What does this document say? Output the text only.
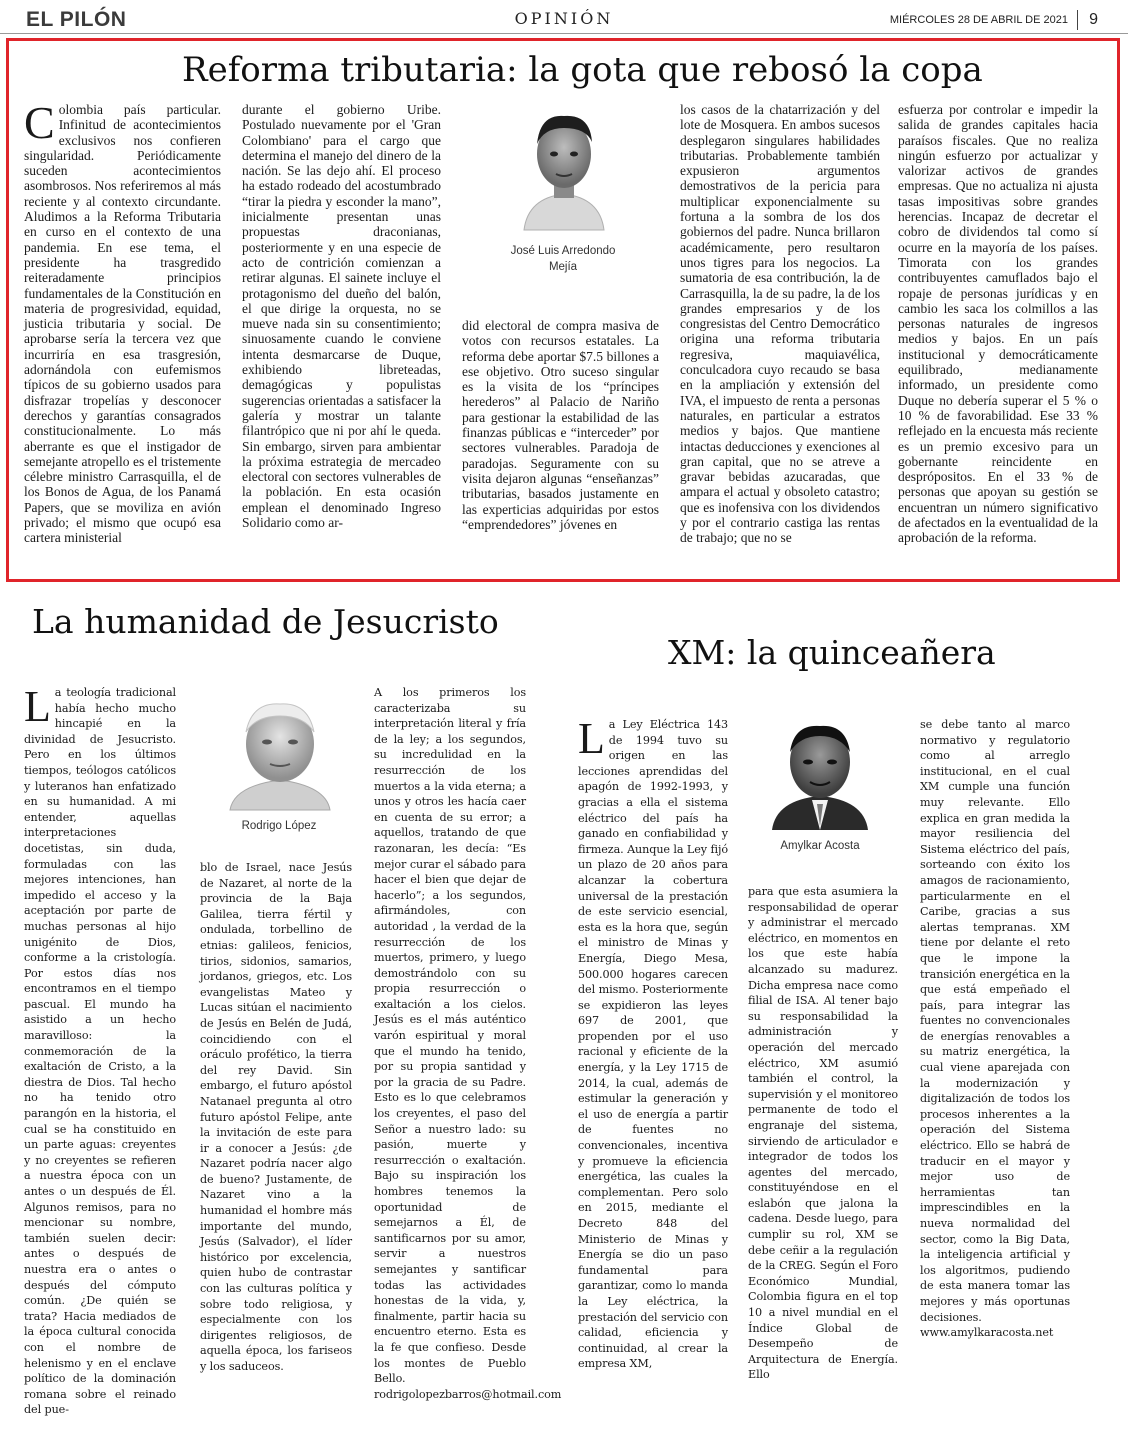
EL PILÓN	OPINIÓN	MIÉRCOLES 28 DE ABRIL DE 2021 9
Reforma tributaria: la gota que rebosó la copa
Colombia país particular. Infinitud de acontecimientos exclusivos nos confieren singularidad. Periódicamente suceden acontecimientos asombrosos. Nos referiremos al más reciente y al contexto circundante. Aludimos a la Reforma Tributaria en curso en el contexto de una pandemia. En ese tema, el presidente ha trasgredido reiteradamente principios fundamentales de la Constitución en materia de progresividad, equidad, justicia tributaria y social. De aprobarse sería la tercera vez que incurriría en esa trasgresión, adornándola con eufemismos típicos de su gobierno usados para disfrazar tropelías y desconocer derechos y garantías consagrados constitucionalmente. Lo más aberrante es que el instigador de semejante atropello es el tristemente célebre ministro Carrasquilla, el de los Bonos de Agua, de los Panamá Papers, que se moviliza en avión privado; el mismo que ocupó esa cartera ministerial
durante el gobierno Uribe. Postulado nuevamente por el 'Gran Colombiano' para el cargo que determina el manejo del dinero de la nación. Se las dejo ahí. El proceso ha estado rodeado del acostumbrado “tirar la piedra y esconder la mano”, inicialmente presentan unas propuestas draconianas, posteriormente y en una especie de acto de contrición comienzan a retirar algunas. El sainete incluye el protagonismo del dueño del balón, el que dirige la orquesta, no se mueve nada sin su consentimiento; sinuosamente cuando le conviene intenta desmarcarse de Duque, exhibiendo libreteadas, demagógicas y populistas sugerencias orientadas a satisfacer la galería y mostrar un talante filantrópico que ni por ahí le queda. Sin embargo, sirven para ambientar la próxima estrategia de mercadeo electoral con sectores vulnerables de la población. En esta ocasión emplean el denominado Ingreso Solidario como ar-
José Luis Arredondo
Mejía
did electoral de compra masiva de votos con recursos estatales. La reforma debe aportar $7.5 billones a ese objetivo. Otro suceso singular es la visita de los “príncipes herederos” al Palacio de Nariño para gestionar la estabilidad de las finanzas públicas e “interceder” por sectores vulnerables. Paradoja de paradojas. Seguramente con su visita dejaron algunas “enseñanzas” tributarias, basados justamente en las experticias adquiridas por estos “emprendedores” jóvenes en
los casos de la chatarrización y del lote de Mosquera. En ambos sucesos desplegaron singulares habilidades tributarias. Probablemente también expusieron argumentos demostrativos de la pericia para multiplicar exponencialmente su fortuna a la sombra de los dos gobiernos del padre. Nunca brillaron académicamente, pero resultaron unos tigres para los negocios. La sumatoria de esa contribución, la de Carrasquilla, la de su padre, la de los grandes empresarios y de los congresistas del Centro Democrático origina una reforma tributaria regresiva, maquiavélica, conculcadora cuyo recaudo se basa en la ampliación y extensión del IVA, el impuesto de renta a personas naturales, en particular a estratos medios y bajos. Que mantiene intactas deducciones y exenciones al gran capital, que no se atreve a gravar bebidas azucaradas, que ampara el actual y obsoleto catastro; que es inofensiva con los dividendos y por el contrario castiga las rentas de trabajo; que no se
esfuerza por controlar e impedir la salida de grandes capitales hacia paraísos fiscales. Que no realiza ningún esfuerzo por actualizar y valorizar activos de grandes empresas. Que no actualiza ni ajusta tasas impositivas sobre grandes herencias. Incapaz de decretar el cobro de dividendos tal como sí ocurre en la mayoría de los países. Timorata con los grandes contribuyentes camuflados bajo el ropaje de personas jurídicas y en cambio les saca los colmillos a las personas naturales de ingresos medios y bajos. En un país institucional y democráticamente equilibrado, medianamente informado, un presidente como Duque no debería superar el 5 % o 10 % de favorabilidad. Ese 33 % reflejado en la encuesta más reciente es un premio excesivo para un gobernante reincidente en desprópositos. En el 33 % de personas que apoyan su gestión se encuentran un número significativo de afectados en la eventualidad de la aprobación de la reforma.
La humanidad de Jesucristo
La teología tradicional había hecho mucho hincapié en la divinidad de Jesucristo. Pero en los últimos tiempos, teólogos católicos y luteranos han enfatizado en su humanidad. A mi entender, aquellas interpretaciones docetistas, sin duda, formuladas con las mejores intenciones, han impedido el acceso y la aceptación por parte de muchas personas al hijo unigénito de Dios, conforme a la cristología. Por estos días nos encontramos en el tiempo pascual. El mundo ha asistido a un hecho maravilloso: la conmemoración de la exaltación de Cristo, a la diestra de Dios. Tal hecho no ha tenido otro parangón en la historia, el cual se ha constituido en un parte aguas: creyentes y no creyentes se refieren a nuestra época con un antes o un después de Él. Algunos remisos, para no mencionar su nombre, también suelen decir: antes o después de nuestra era o antes o después del cómputo común. ¿De quién se trata? Hacia mediados de la época cultural conocida con el nombre de helenismo y en el enclave político de la dominación romana sobre el reinado del pue-
Rodrigo López
blo de Israel, nace Jesús de Nazaret, al norte de la provincia de la Baja Galilea, tierra fértil y ondulada, torbellino de etnias: galileos, fenicios, tirios, sidonios, samarios, jordanos, griegos, etc. Los evangelistas Mateo y Lucas sitúan el nacimiento de Jesús en Belén de Judá, coincidiendo con el oráculo profético, la tierra del rey David. Sin embargo, el futuro apóstol Natanael pregunta al otro futuro apóstol Felipe, ante la invitación de este para ir a conocer a Jesús: ¿de Nazaret podría nacer algo de bueno? Justamente, de Nazaret vino a la humanidad el hombre más importante del mundo, Jesús (Salvador), el líder histórico por excelencia, quien hubo de contrastar con las culturas política y sobre todo religiosa, y especialmente con los dirigentes religiosos, de aquella época, los fariseos y los saduceos.
A los primeros los caracterizaba su interpretación literal y fría de la ley; a los segundos, su incredulidad en la resurrección de los muertos a la vida eterna; a unos y otros les hacía caer en cuenta de su error; a aquellos, tratando de que razonaran, les decía: “Es mejor curar el sábado para hacer el bien que dejar de hacerlo”; a los segundos, afirmándoles, con autoridad , la verdad de la resurrección de los muertos, primero, y luego demostrándolo con su propia resurrección o exaltación a los cielos. Jesús es el más auténtico varón espiritual y moral que el mundo ha tenido, por su propia santidad y por la gracia de su Padre. Esto es lo que celebramos los creyentes, el paso del Señor a nuestro lado: su pasión, muerte y resurrección o exaltación. Bajo su inspiración los hombres tenemos la oportunidad de semejarnos a Él, de santificarnos por su amor, servir a nuestros semejantes y santificar todas las actividades honestas de la vida, y, finalmente, partir hacia su encuentro eterno. Esta es la fe que confieso. Desde los montes de Pueblo Bello. rodrigolopezbarros@hotmail.com
XM: la quinceañera
La Ley Eléctrica 143 de 1994 tuvo su origen en las lecciones aprendidas del apagón de 1992-1993, y gracias a ella el sistema eléctrico del país ha ganado en confiabilidad y firmeza. Aunque la Ley fijó un plazo de 20 años para alcanzar la cobertura universal de la prestación de este servicio esencial, esta es la hora que, según el ministro de Minas y Energía, Diego Mesa, 500.000 hogares carecen del mismo. Posteriormente se expidieron las leyes 697 de 2001, que propenden por el uso racional y eficiente de la energía, y la Ley 1715 de 2014, la cual, además de estimular la generación y el uso de energía a partir de fuentes no convencionales, incentiva y promueve la eficiencia energética, las cuales la complementan. Pero solo en 2015, mediante el Decreto 848 del Ministerio de Minas y Energía se dio un paso fundamental para garantizar, como lo manda la Ley eléctrica, la prestación del servicio con calidad, eficiencia y continuidad, al crear la empresa XM,
Amylkar Acosta
para que esta asumiera la responsabilidad de operar y administrar el mercado eléctrico, en momentos en los que este había alcanzado su madurez. Dicha empresa nace como filial de ISA. Al tener bajo su responsabilidad la administración y operación del mercado eléctrico, XM asumió también el control, la supervisión y el monitoreo permanente de todo el engranaje del sistema, sirviendo de articulador e integrador de todos los agentes del mercado, constituyéndose en el eslabón que jalona la cadena. Desde luego, para cumplir su rol, XM se debe ceñir a la regulación de la CREG. Según el Foro Económico Mundial, Colombia figura en el top 10 a nivel mundial en el Índice Global de Desempeño de Arquitectura de Energía. Ello
se debe tanto al marco normativo y regulatorio como al arreglo institucional, en el cual XM cumple una función muy relevante. Ello explica en gran medida la mayor resiliencia del Sistema eléctrico del país, sorteando con éxito los amagos de racionamiento, particularmente en el Caribe, gracias a sus alertas tempranas. XM tiene por delante el reto que le impone la transición energética en la que está empeñado el país, para integrar las fuentes no convencionales de energías renovables a su matriz energética, la cual viene aparejada con la modernización y digitalización de todos los procesos inherentes a la operación del Sistema eléctrico. Ello se habrá de traducir en el mayor y mejor uso de herramientas tan imprescindibles en la nueva normalidad del sector, como la Big Data, la inteligencia artificial y los algoritmos, pudiendo de esta manera tomar las mejores y más oportunas decisiones. www.amylkaracosta.net
